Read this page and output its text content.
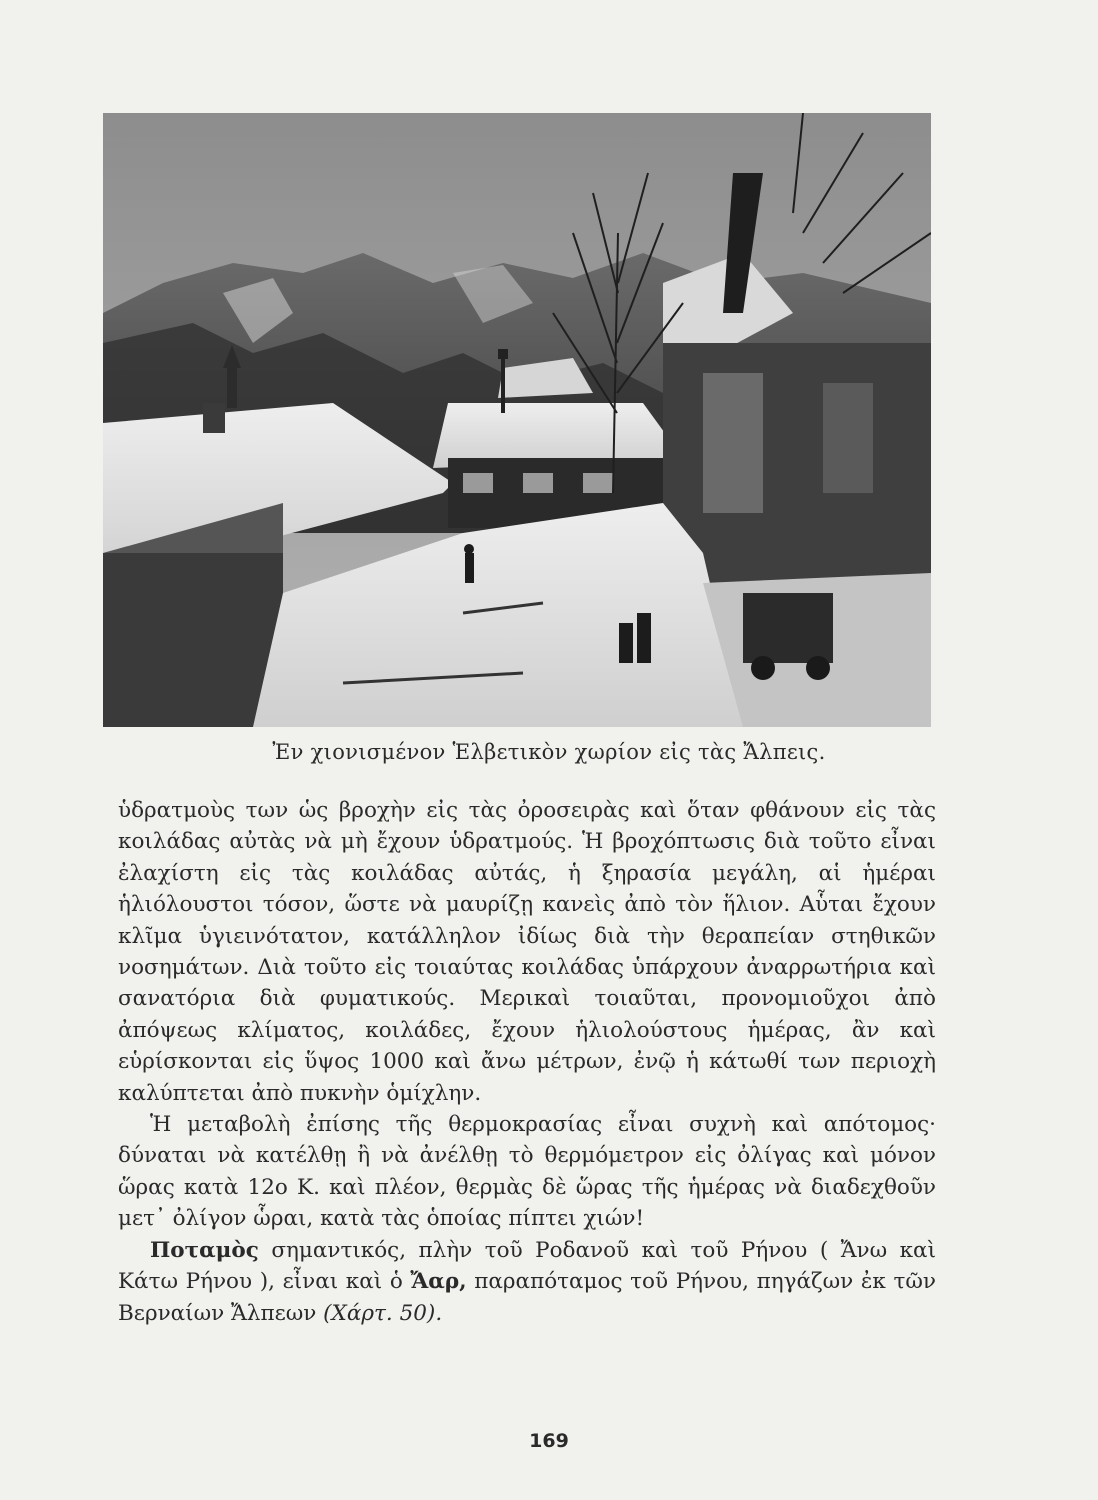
Ἐν χιονισμένον Ἑλβετικὸν χωρίον εἰς τὰς Ἄλπεις.

ὑδρατμοὺς των ὡς βροχὴν εἰς τὰς ὀροσειρὰς καὶ ὅταν φθάνουν εἰς τὰς κοιλάδας αὐτὰς νὰ μὴ ἔχουν ὑδρατμούς. Ἡ βροχόπτωσις διὰ τοῦτο εἶναι ἐλαχίστη εἰς τὰς κοιλάδας αὐτάς, ἡ ξηρασία μεγάλη, αἱ ἡμέραι ἡλιόλουστοι τόσον, ὥστε νὰ μαυρίζῃ κανεὶς ἀπὸ τὸν ἥλιον. Αὗται ἔχουν κλῖμα ὑγιεινότατον, κατάλληλον ἰδίως διὰ τὴν θεραπείαν στηθικῶν νοσημάτων. Διὰ τοῦτο εἰς τοιαύτας κοιλάδας ὑπάρχουν ἀναρρωτήρια καὶ σανατόρια διὰ φυματικούς. Μερικαὶ τοιαῦται, προνομιοῦχοι ἀπὸ ἀπόψεως κλίματος, κοιλάδες, ἔχουν ἡλιολούστους ἡμέρας, ἂν καὶ εὑρίσκονται εἰς ὕψος 1000 καὶ ἄνω μέτρων, ἐνῷ ἡ κάτωθί των περιοχὴ καλύπτεται ἀπὸ πυκνὴν ὁμίχλην.

Ἡ μεταβολὴ ἐπίσης τῆς θερμοκρασίας εἶναι συχνὴ καὶ απότομος· δύναται νὰ κατέλθῃ ἢ νὰ ἀνέλθῃ τὸ θερμόμετρον εἰς ὀλίγας καὶ μόνον ὥρας κατὰ 12ο Κ. καὶ πλέον, θερμὰς δὲ ὥρας τῆς ἡμέρας νὰ διαδεχθοῦν μετ᾽ ὀλίγον ὧραι, κατὰ τὰς ὁποίας πίπτει χιών!

Ποταμὸς σημαντικός, πλὴν τοῦ Ροδανοῦ καὶ τοῦ Ρήνου ( Ἄνω καὶ Κάτω Ρήνου ), εἶναι καὶ ὁ Ἄαρ, παραπόταμος τοῦ Ρήνου, πηγάζων ἐκ τῶν Βερναίων Ἄλπεων (Χάρτ. 50).

169
